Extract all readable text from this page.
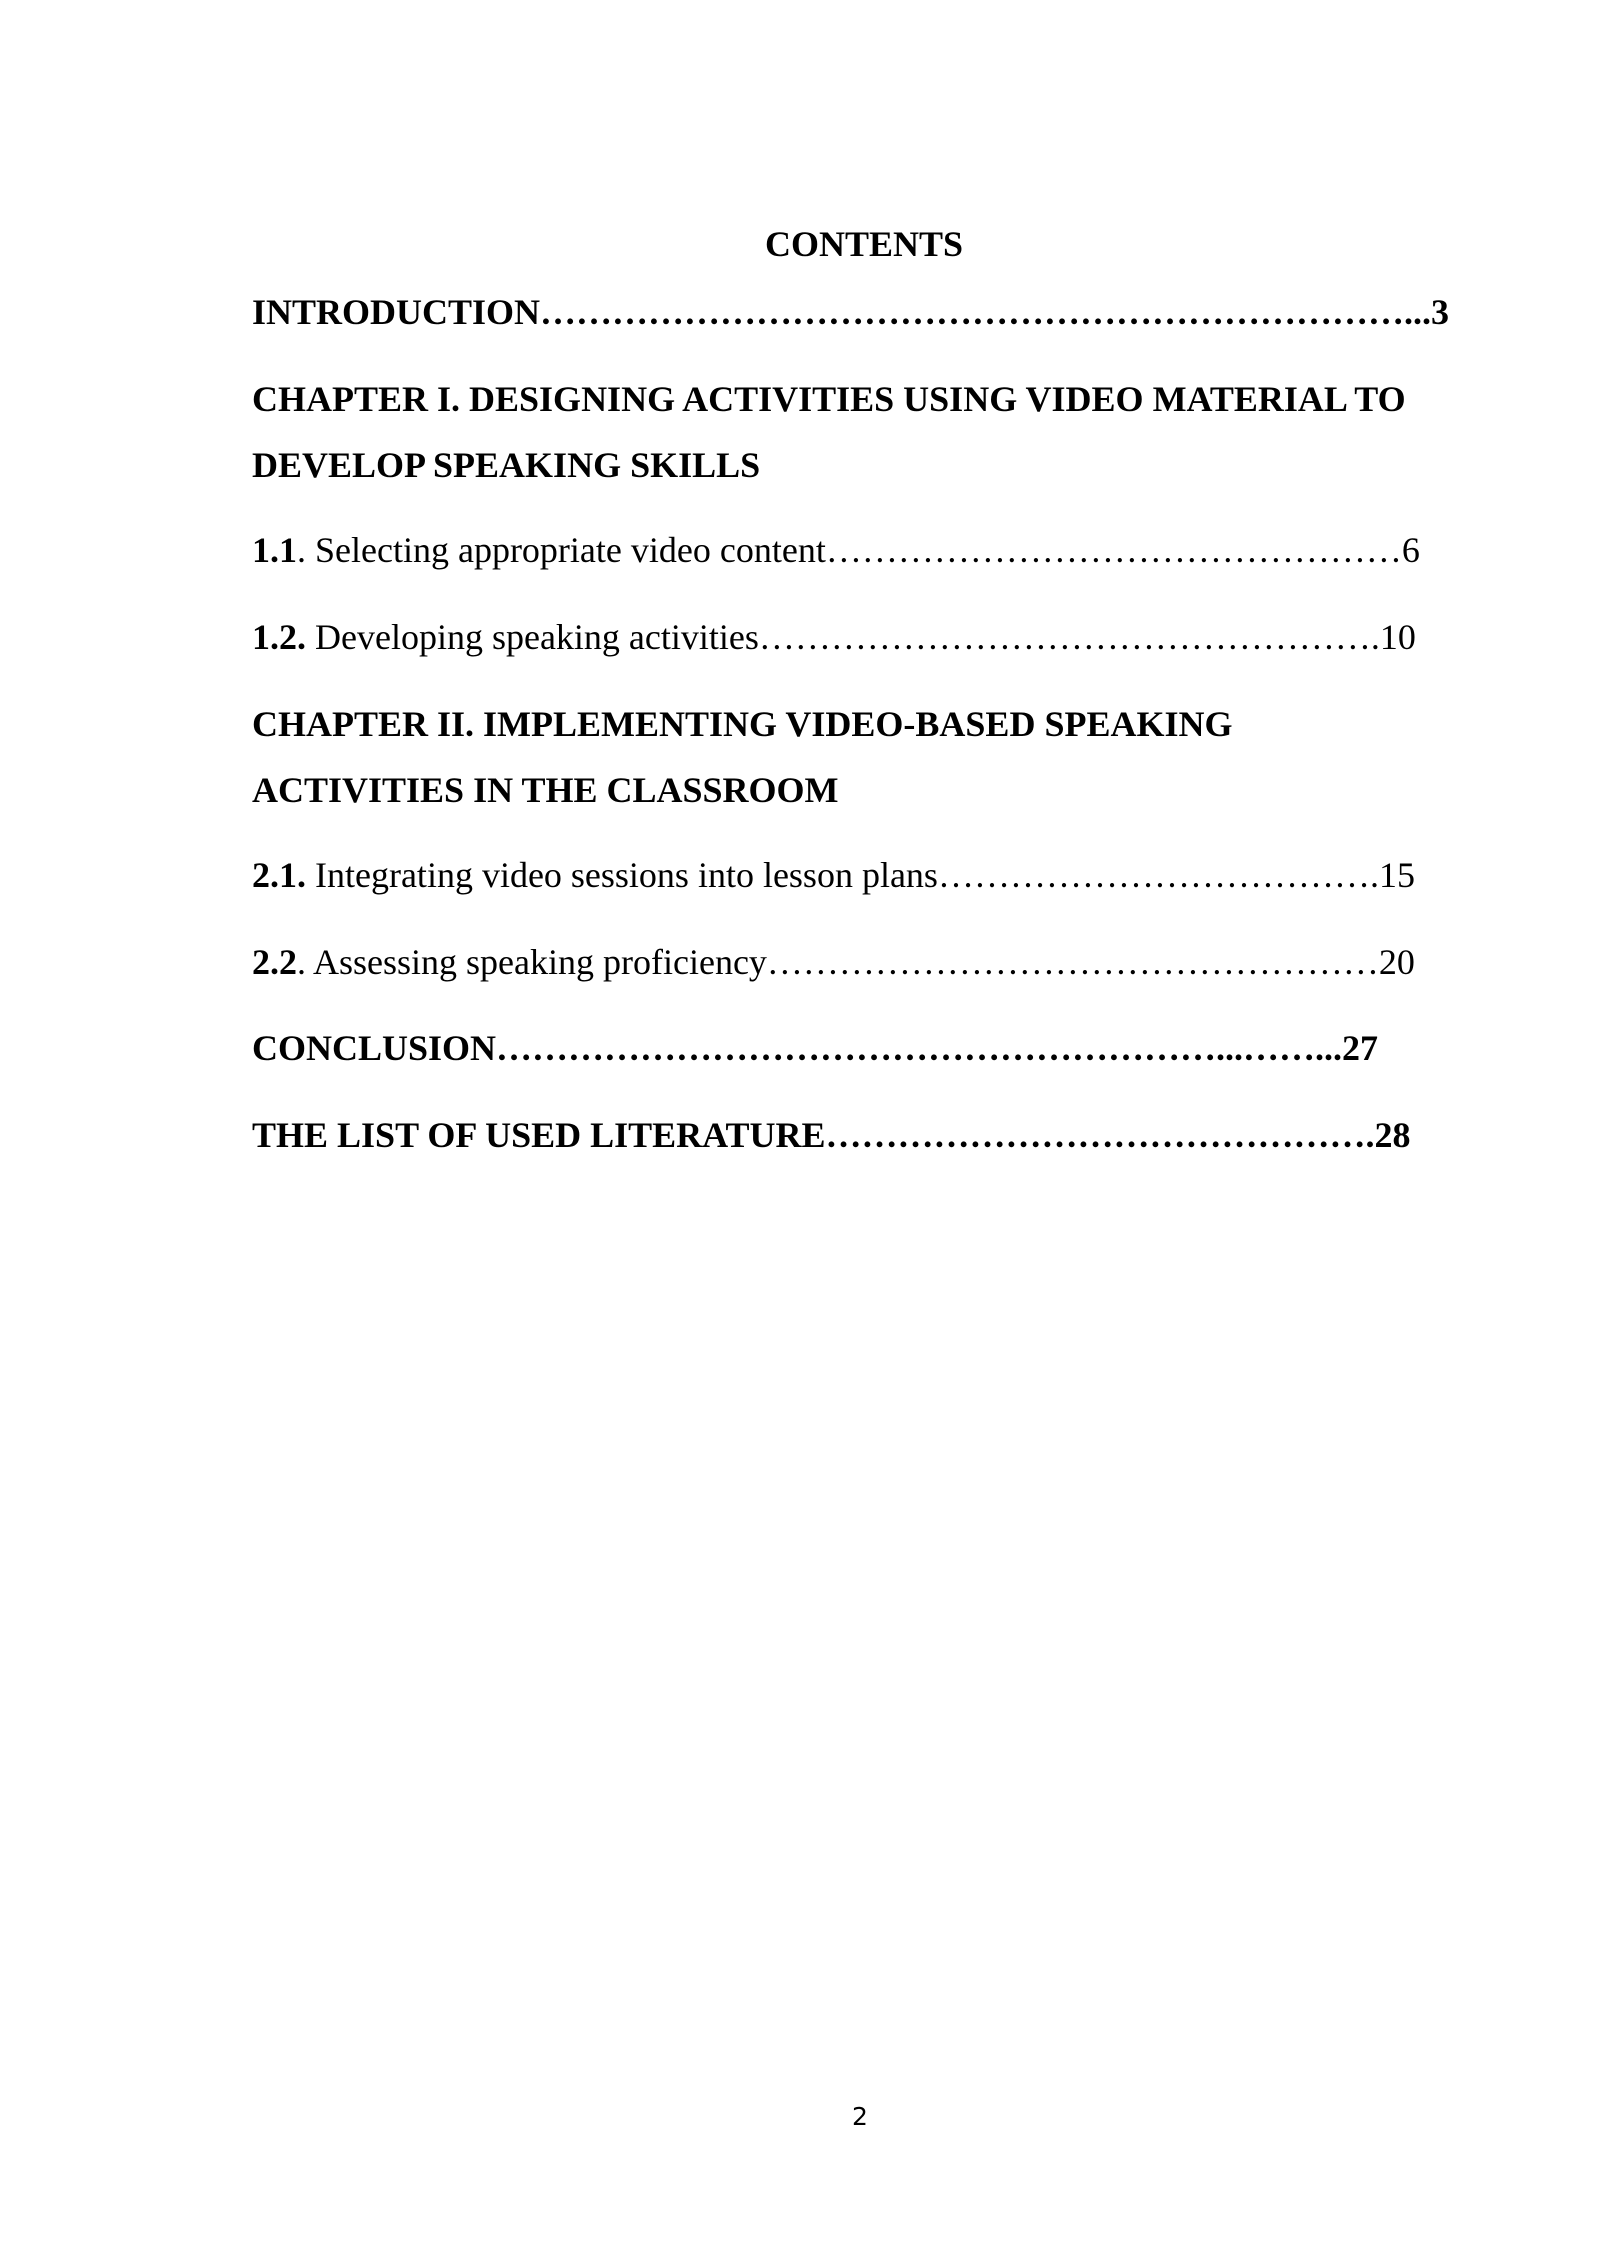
CONTENTS
INTRODUCTION………………………………………………………………...3
CHAPTER I. DESIGNING ACTIVITIES USING VIDEO MATERIAL TO
DEVELOP SPEAKING SKILLS
1.1. Selecting appropriate video content…………………………………………6
1.2. Developing speaking activities…………………………………………….10
CHAPTER II. IMPLEMENTING VIDEO-BASED SPEAKING
ACTIVITIES IN THE CLASSROOM
2.1. Integrating video sessions into lesson plans……………………………….15
2.2. Assessing speaking proficiency……………………………………………20
CONCLUSION……………………………………………………...……...27
THE LIST OF USED LITERATURE……………………………………….28
2
